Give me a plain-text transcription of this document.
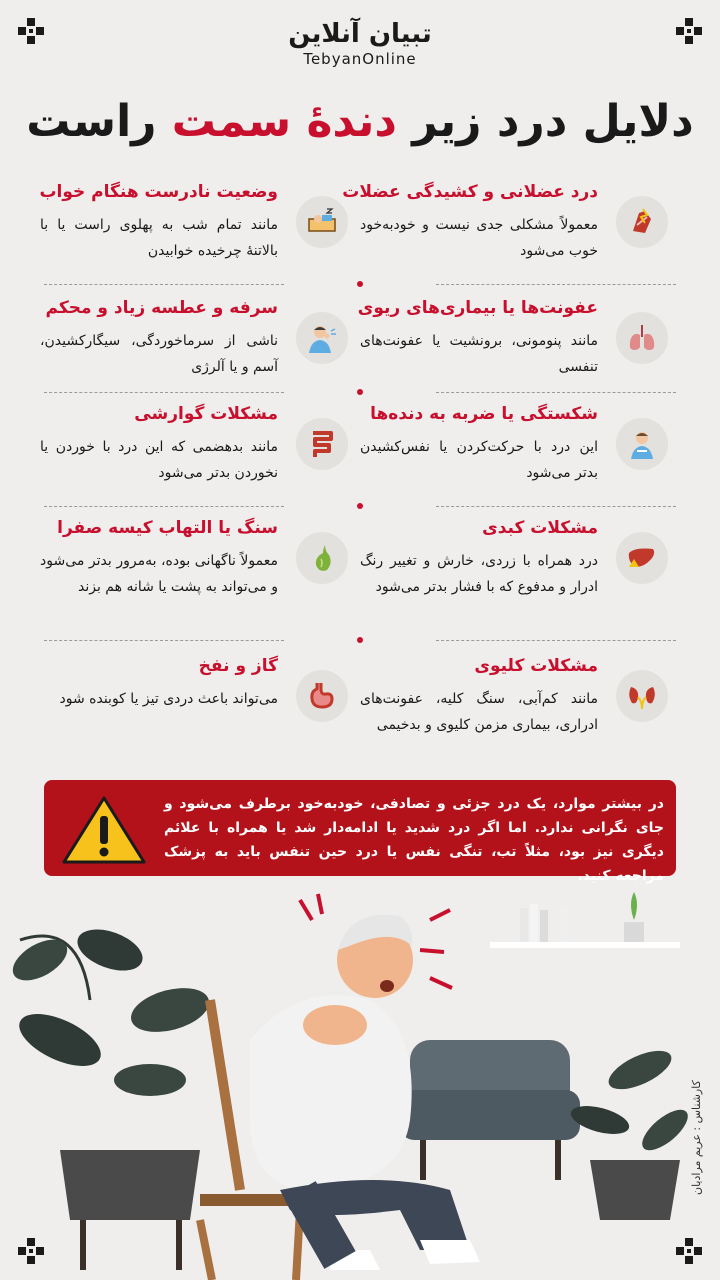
تبیان آنلاین
TebyanOnline
دلایل درد زیر دندهٔ سمت راست
درد عضلانی و کشیدگی عضلات
معمولاً مشکلی جدی نیست و خودبه‌خود خوب می‌شود
عفونت‌ها یا بیماری‌های ریوی
مانند پنومونی، برونشیت یا عفونت‌های تنفسی
شکستگی یا ضربه به دنده‌ها
این درد با حرکت‌کردن یا نفس‌کشیدن بدتر می‌شود
مشکلات کبدی
درد همراه با زردی، خارش و تغییر رنگ ادرار و مدفوع که با فشار بدتر می‌شود
مشکلات کلیوی
مانند کم‌آبی، سنگ کلیه، عفونت‌های ادراری، بیماری مزمن کلیوی و بدخیمی
وضعیت نادرست هنگام خواب
مانند تمام شب به پهلوی راست یا با بالاتنهٔ چرخیده خوابیدن
سرفه و عطسه زیاد و محکم
ناشی از سرماخوردگی، سیگارکشیدن، آسم و یا آلرژی
مشکلات گوارشی
مانند بدهضمی که این درد با خوردن یا نخوردن بدتر می‌شود
سنگ یا التهاب کیسه صفرا
معمولاً ناگهانی بوده، به‌مرور بدتر می‌شود و می‌تواند به پشت یا شانه هم بزند
گاز و نفخ
می‌تواند باعث دردی تیز یا کوبنده شود
در بیشتر موارد، یک درد جزئی و تصادفی، خودبه‌خود برطرف می‌شود و جای نگرانی ندارد. اما اگر درد شدید یا ادامه‌دار شد یا همراه با علائم دیگری نیز بود، مثلاً تب، تنگی نفس یا درد حین تنفس باید به پزشک مراجعه کنید.
کارشناس : عریم مرادیان
